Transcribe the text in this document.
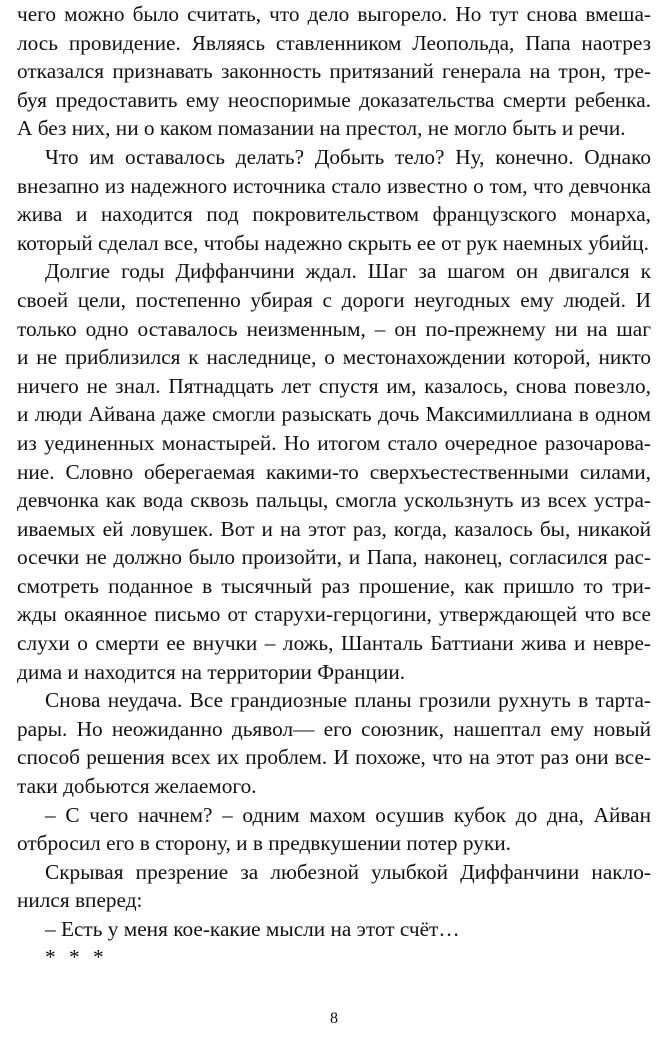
чего можно было считать, что дело выгорело. Но тут снова вмеша-
лось провидение. Являясь ставленником Леопольда, Папа наотрез
отказался признавать законность притязаний генерала на трон, тре-
буя предоставить ему неоспоримые доказательства смерти ребенка.
А без них, ни о каком помазании на престол, не могло быть и речи.
Что им оставалось делать? Добыть тело? Ну, конечно. Однако
внезапно из надежного источника стало известно о том, что девчонка
жива и находится под покровительством французского монарха,
который сделал все, чтобы надежно скрыть ее от рук наемных убийц.
Долгие годы Диффанчини ждал. Шаг за шагом он двигался к
своей цели, постепенно убирая с дороги неугодных ему людей. И
только одно оставалось неизменным, – он по-прежнему ни на шаг
и не приблизился к наследнице, о местонахождении которой, никто
ничего не знал. Пятнадцать лет спустя им, казалось, снова повезло,
и люди Айвана даже смогли разыскать дочь Максимиллиана в одном
из уединенных монастырей. Но итогом стало очередное разочарова-
ние. Словно оберегаемая какими-то сверхъестественными силами,
девчонка как вода сквозь пальцы, смогла ускользнуть из всех устра-
иваемых ей ловушек. Вот и на этот раз, когда, казалось бы, никакой
осечки не должно было произойти, и Папа, наконец, согласился рас-
смотреть поданное в тысячный раз прошение, как пришло то три-
жды окаянное письмо от старухи-герцогини, утверждающей что все
слухи о смерти ее внучки – ложь, Шанталь Баттиани жива и невре-
дима и находится на территории Франции.
Снова неудача. Все грандиозные планы грозили рухнуть в тарта-
рары. Но неожиданно дьявол— его союзник, нашептал ему новый
способ решения всех их проблем. И похоже, что на этот раз они все-
таки добьются желаемого.
– С чего начнем? – одним махом осушив кубок до дна, Айван
отбросил его в сторону, и в предвкушении потер руки.
Скрывая презрение за любезной улыбкой Диффанчини накло-
нился вперед:
– Есть у меня кое-какие мысли на этот счёт…
* * *
8
